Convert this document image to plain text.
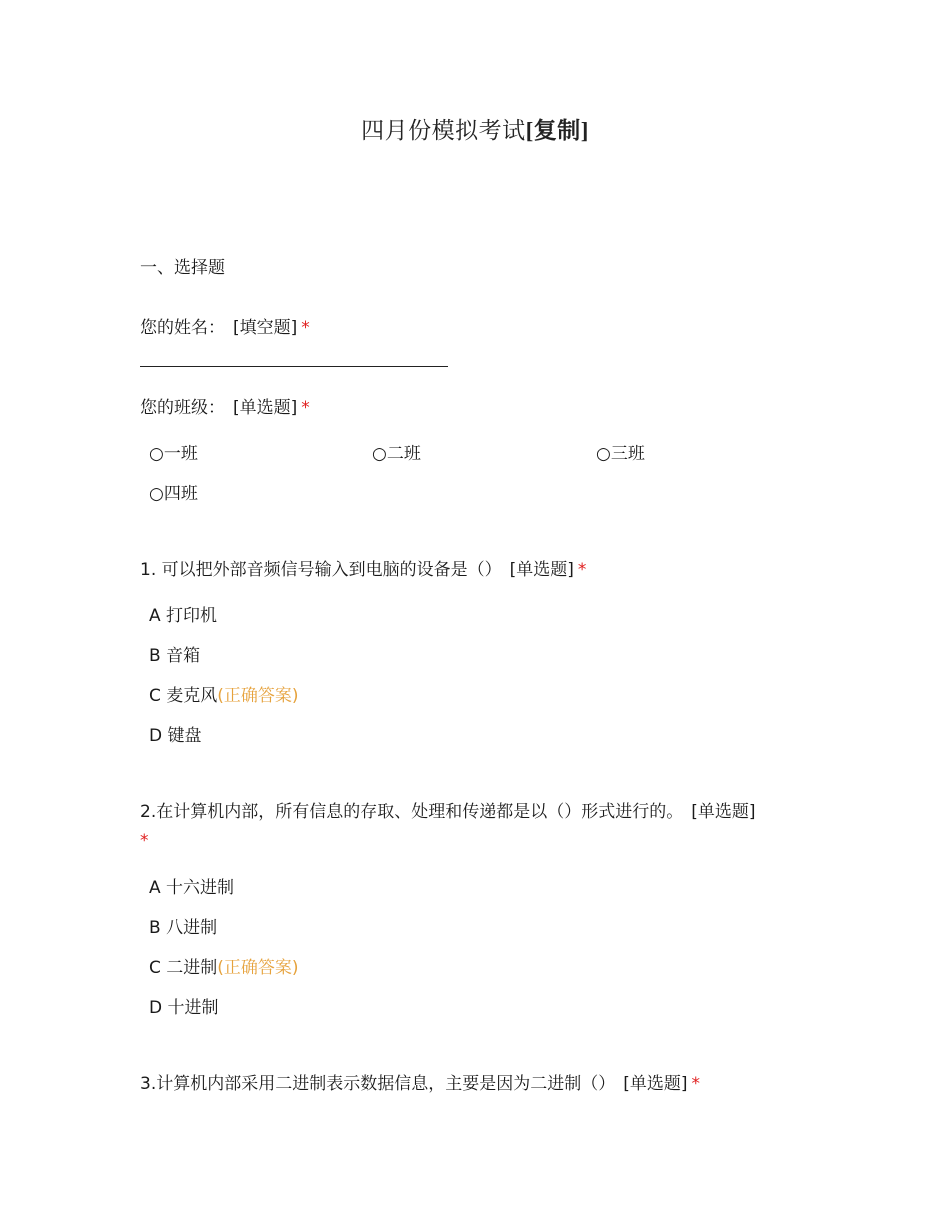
四月份模拟考试[复制]
一、选择题
您的姓名： [填空题] *
您的班级： [单选题] *
○一班	○二班	○三班
○四班
1. 可以把外部音频信号输入到电脑的设备是（） [单选题] *
A 打印机
B 音箱
C 麦克风(正确答案)
D 键盘
2.在计算机内部，所有信息的存取、处理和传递都是以（）形式进行的。 [单选题]
*
A 十六进制
B 八进制
C 二进制(正确答案)
D 十进制
3.计算机内部采用二进制表示数据信息，主要是因为二进制（） [单选题] *
